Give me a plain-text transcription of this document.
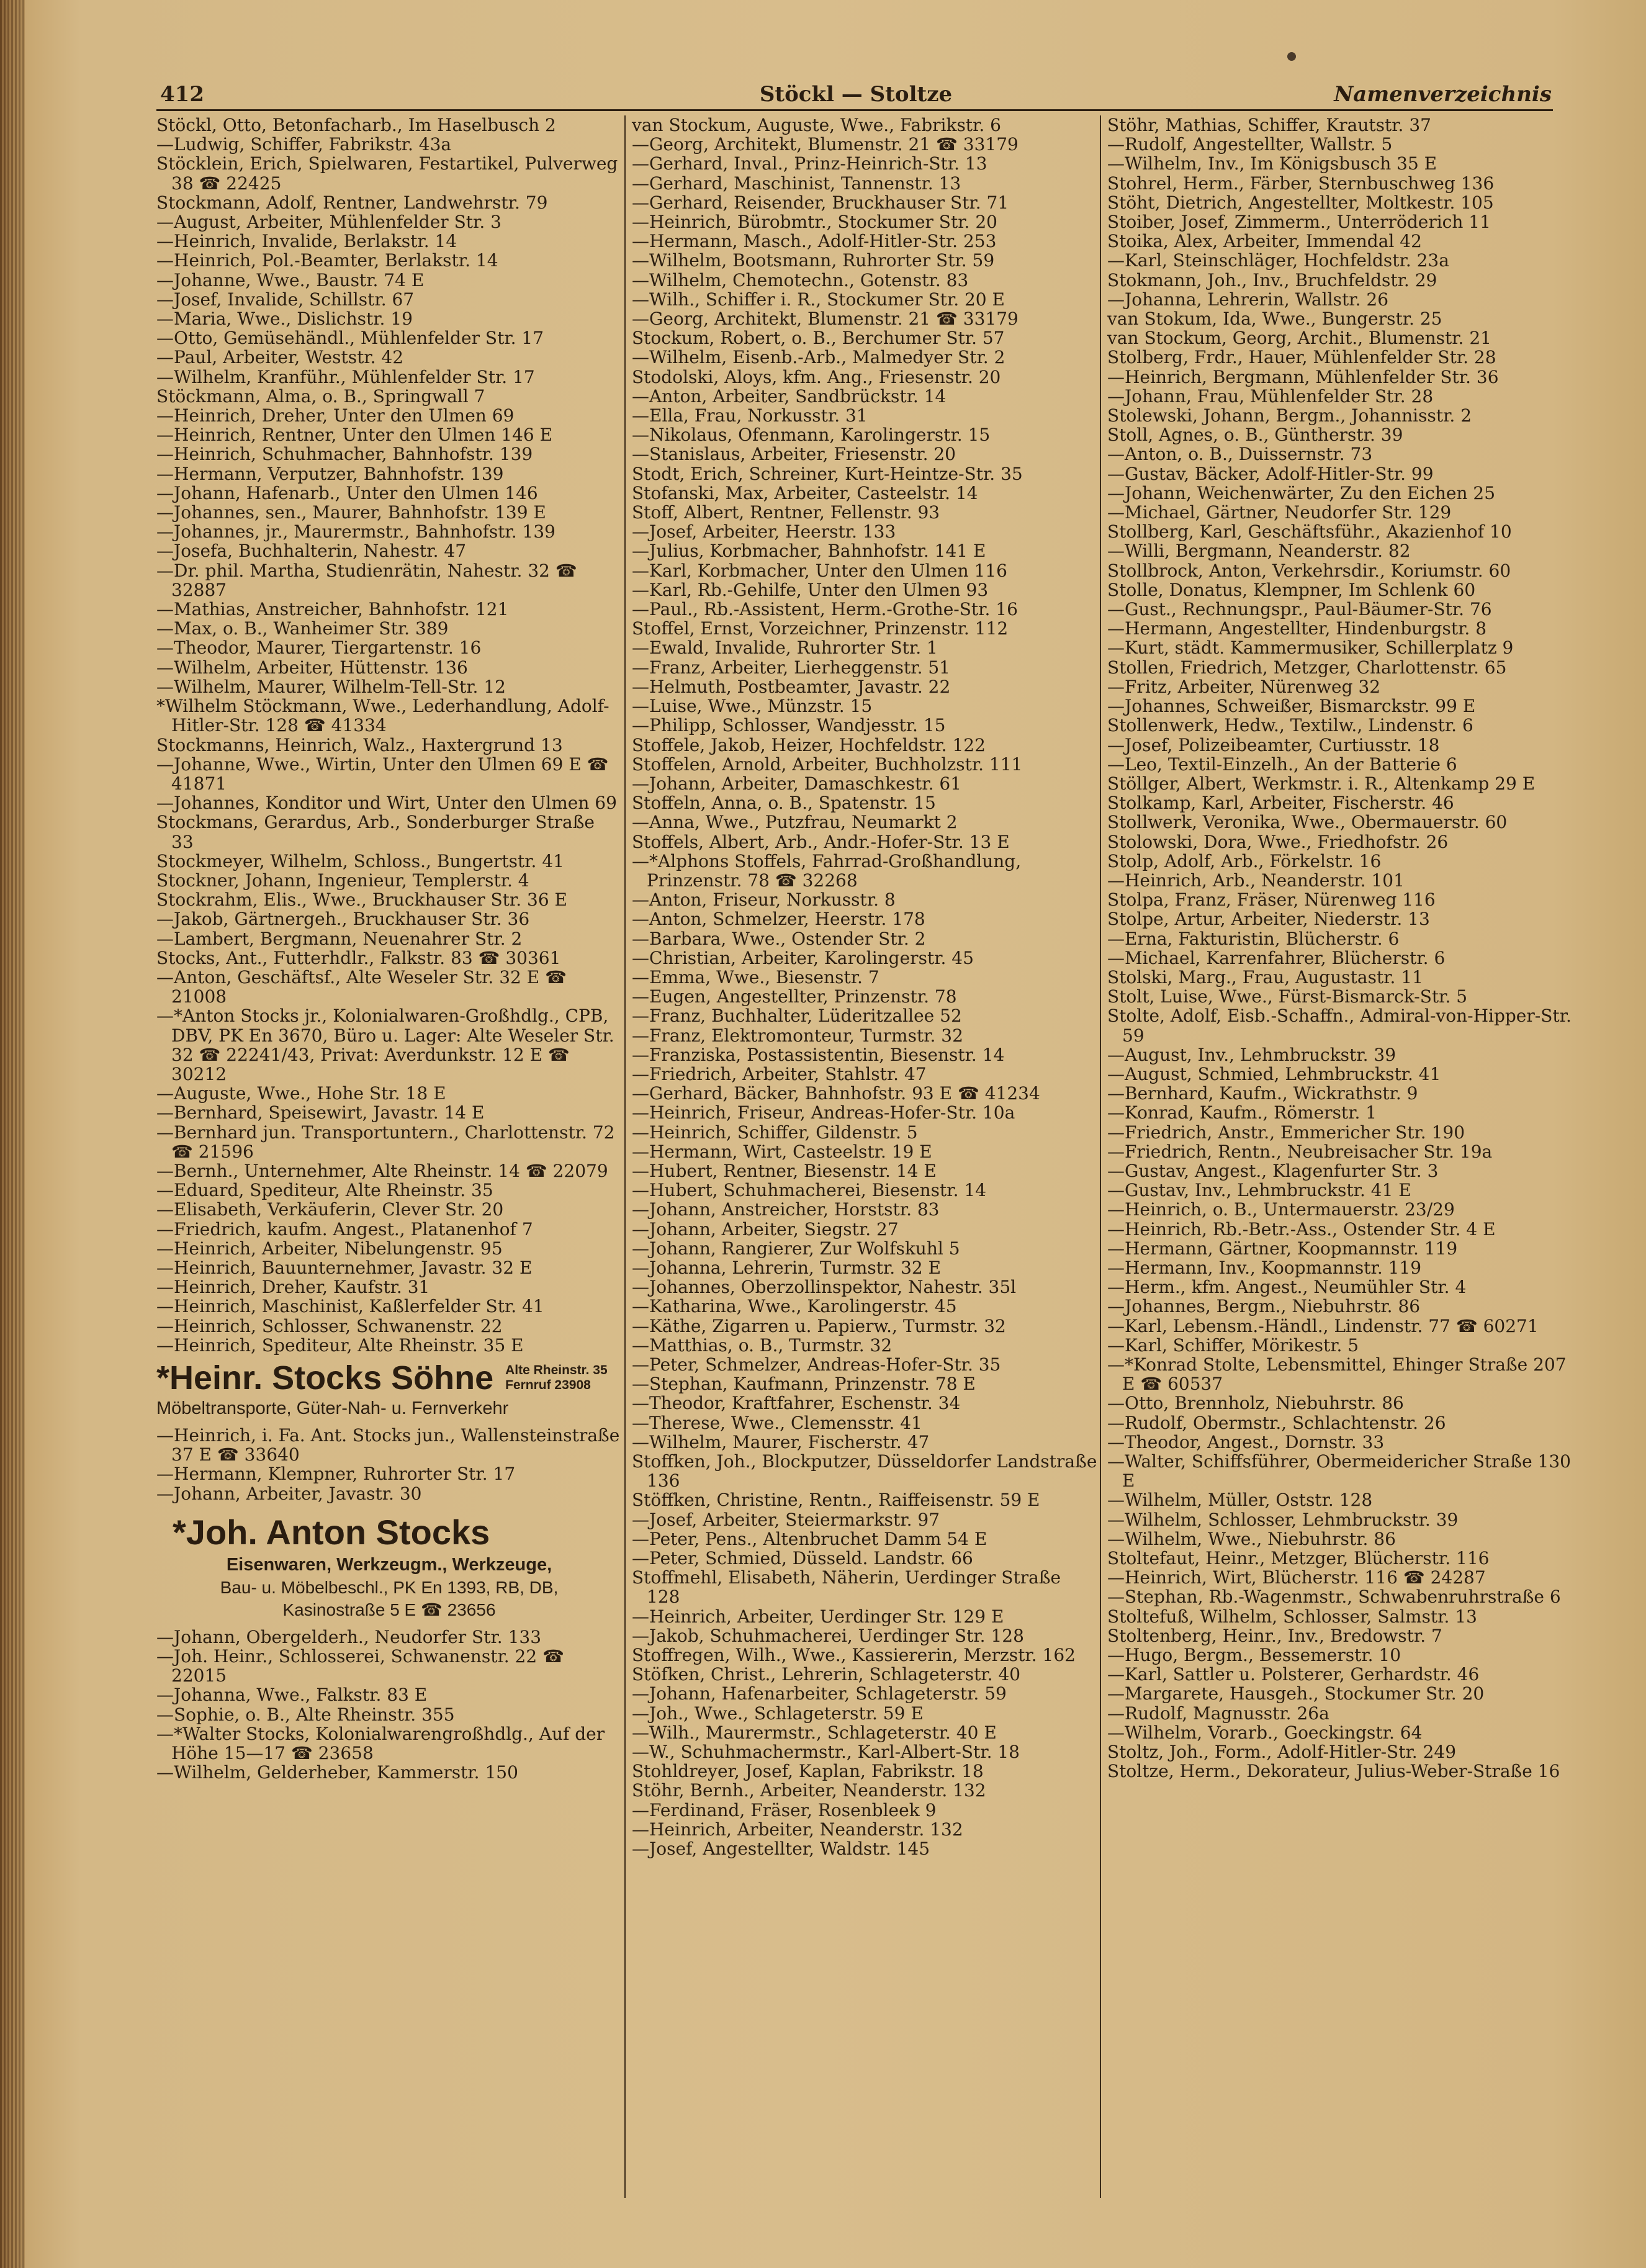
412	Stöckl — Stoltze	Namenverzeichnis
Stöckl, Otto, Betonfacharb., Im Haselbusch 2
—Ludwig, Schiffer, Fabrikstr. 43a
Stöcklein, Erich, Spielwaren, Festartikel, Pulverweg 38 ☎ 22425
Stockmann, Adolf, Rentner, Landwehrstr. 79
—August, Arbeiter, Mühlenfelder Str. 3
—Heinrich, Invalide, Berlakstr. 14
—Heinrich, Pol.-Beamter, Berlakstr. 14
—Johanne, Wwe., Baustr. 74 E
—Josef, Invalide, Schillstr. 67
—Maria, Wwe., Dislichstr. 19
—Otto, Gemüsehändl., Mühlenfelder Str. 17
—Paul, Arbeiter, Weststr. 42
—Wilhelm, Kranführ., Mühlenfelder Str. 17
Stöckmann, Alma, o. B., Springwall 7
—Heinrich, Dreher, Unter den Ulmen 69
—Heinrich, Rentner, Unter den Ulmen 146 E
—Heinrich, Schuhmacher, Bahnhofstr. 139
—Hermann, Verputzer, Bahnhofstr. 139
—Johann, Hafenarb., Unter den Ulmen 146
—Johannes, sen., Maurer, Bahnhofstr. 139 E
—Johannes, jr., Maurermstr., Bahnhofstr. 139
—Josefa, Buchhalterin, Nahestr. 47
—Dr. phil. Martha, Studienrätin, Nahestr. 32 ☎ 32887
—Mathias, Anstreicher, Bahnhofstr. 121
—Max, o. B., Wanheimer Str. 389
—Theodor, Maurer, Tiergartenstr. 16
—Wilhelm, Arbeiter, Hüttenstr. 136
—Wilhelm, Maurer, Wilhelm-Tell-Str. 12
*Wilhelm Stöckmann, Wwe., Lederhandlung, Adolf-Hitler-Str. 128 ☎ 41334
Stockmanns, Heinrich, Walz., Haxtergrund 13
—Johanne, Wwe., Wirtin, Unter den Ulmen 69 E ☎ 41871
—Johannes, Konditor und Wirt, Unter den Ulmen 69
Stockmans, Gerardus, Arb., Sonderburger Straße 33
Stockmeyer, Wilhelm, Schloss., Bungertstr. 41
Stockner, Johann, Ingenieur, Templerstr. 4
Stockrahm, Elis., Wwe., Bruckhauser Str. 36 E
—Jakob, Gärtnergeh., Bruckhauser Str. 36
—Lambert, Bergmann, Neuenahrer Str. 2
Stocks, Ant., Futterhdlr., Falkstr. 83 ☎ 30361
—Anton, Geschäftsf., Alte Weseler Str. 32 E ☎ 21008
—*Anton Stocks jr., Kolonialwaren-Großhdlg., CPB, DBV, PK En 3670, Büro u. Lager: Alte Weseler Str. 32 ☎ 22241/43, Privat: Averdunkstr. 12 E ☎ 30212
—Auguste, Wwe., Hohe Str. 18 E
—Bernhard, Speisewirt, Javastr. 14 E
—Bernhard jun. Transportuntern., Charlottenstr. 72 ☎ 21596
—Bernh., Unternehmer, Alte Rheinstr. 14 ☎ 22079
—Eduard, Spediteur, Alte Rheinstr. 35
—Elisabeth, Verkäuferin, Clever Str. 20
—Friedrich, kaufm. Angest., Platanenhof 7
—Heinrich, Arbeiter, Nibelungenstr. 95
—Heinrich, Bauunternehmer, Javastr. 32 E
—Heinrich, Dreher, Kaufstr. 31
—Heinrich, Maschinist, Kaßlerfelder Str. 41
—Heinrich, Schlosser, Schwanenstr. 22
—Heinrich, Spediteur, Alte Rheinstr. 35 E
*Heinr. Stocks Söhne Alte Rheinstr. 35
Fernruf 23908
Möbeltransporte, Güter-Nah- u. Fernverkehr
—Heinrich, i. Fa. Ant. Stocks jun., Wallensteinstraße 37 E ☎ 33640
—Hermann, Klempner, Ruhrorter Str. 17
—Johann, Arbeiter, Javastr. 30
*Joh. Anton Stocks
Eisenwaren, Werkzeugm., Werkzeuge,
Bau- u. Möbelbeschl., PK En 1393, RB, DB,
Kasinostraße 5 E ☎ 23656
—Johann, Obergelderh., Neudorfer Str. 133
—Joh. Heinr., Schlosserei, Schwanenstr. 22 ☎ 22015
—Johanna, Wwe., Falkstr. 83 E
—Sophie, o. B., Alte Rheinstr. 355
—*Walter Stocks, Kolonialwarengroßhdlg., Auf der Höhe 15—17 ☎ 23658
—Wilhelm, Gelderheber, Kammerstr. 150
van Stockum, Auguste, Wwe., Fabrikstr. 6
—Georg, Architekt, Blumenstr. 21 ☎ 33179
—Gerhard, Inval., Prinz-Heinrich-Str. 13
—Gerhard, Maschinist, Tannenstr. 13
—Gerhard, Reisender, Bruckhauser Str. 71
—Heinrich, Bürobmtr., Stockumer Str. 20
—Hermann, Masch., Adolf-Hitler-Str. 253
—Wilhelm, Bootsmann, Ruhrorter Str. 59
—Wilhelm, Chemotechn., Gotenstr. 83
—Wilh., Schiffer i. R., Stockumer Str. 20 E
—Georg, Architekt, Blumenstr. 21 ☎ 33179
Stockum, Robert, o. B., Berchumer Str. 57
—Wilhelm, Eisenb.-Arb., Malmedyer Str. 2
Stodolski, Aloys, kfm. Ang., Friesenstr. 20
—Anton, Arbeiter, Sandbrückstr. 14
—Ella, Frau, Norkusstr. 31
—Nikolaus, Ofenmann, Karolingerstr. 15
—Stanislaus, Arbeiter, Friesenstr. 20
Stodt, Erich, Schreiner, Kurt-Heintze-Str. 35
Stofanski, Max, Arbeiter, Casteelstr. 14
Stoff, Albert, Rentner, Fellenstr. 93
—Josef, Arbeiter, Heerstr. 133
—Julius, Korbmacher, Bahnhofstr. 141 E
—Karl, Korbmacher, Unter den Ulmen 116
—Karl, Rb.-Gehilfe, Unter den Ulmen 93
—Paul., Rb.-Assistent, Herm.-Grothe-Str. 16
Stoffel, Ernst, Vorzeichner, Prinzenstr. 112
—Ewald, Invalide, Ruhrorter Str. 1
—Franz, Arbeiter, Lierheggenstr. 51
—Helmuth, Postbeamter, Javastr. 22
—Luise, Wwe., Münzstr. 15
—Philipp, Schlosser, Wandjesstr. 15
Stoffele, Jakob, Heizer, Hochfeldstr. 122
Stoffelen, Arnold, Arbeiter, Buchholzstr. 111
—Johann, Arbeiter, Damaschkestr. 61
Stoffeln, Anna, o. B., Spatenstr. 15
—Anna, Wwe., Putzfrau, Neumarkt 2
Stoffels, Albert, Arb., Andr.-Hofer-Str. 13 E
—*Alphons Stoffels, Fahrrad-Großhandlung, Prinzenstr. 78 ☎ 32268
—Anton, Friseur, Norkusstr. 8
—Anton, Schmelzer, Heerstr. 178
—Barbara, Wwe., Ostender Str. 2
—Christian, Arbeiter, Karolingerstr. 45
—Emma, Wwe., Biesenstr. 7
—Eugen, Angestellter, Prinzenstr. 78
—Franz, Buchhalter, Lüderitzallee 52
—Franz, Elektromonteur, Turmstr. 32
—Franziska, Postassistentin, Biesenstr. 14
—Friedrich, Arbeiter, Stahlstr. 47
—Gerhard, Bäcker, Bahnhofstr. 93 E ☎ 41234
—Heinrich, Friseur, Andreas-Hofer-Str. 10a
—Heinrich, Schiffer, Gildenstr. 5
—Hermann, Wirt, Casteelstr. 19 E
—Hubert, Rentner, Biesenstr. 14 E
—Hubert, Schuhmacherei, Biesenstr. 14
—Johann, Anstreicher, Horststr. 83
—Johann, Arbeiter, Siegstr. 27
—Johann, Rangierer, Zur Wolfskuhl 5
—Johanna, Lehrerin, Turmstr. 32 E
—Johannes, Oberzollinspektor, Nahestr. 35l
—Katharina, Wwe., Karolingerstr. 45
—Käthe, Zigarren u. Papierw., Turmstr. 32
—Matthias, o. B., Turmstr. 32
—Peter, Schmelzer, Andreas-Hofer-Str. 35
—Stephan, Kaufmann, Prinzenstr. 78 E
—Theodor, Kraftfahrer, Eschenstr. 34
—Therese, Wwe., Clemensstr. 41
—Wilhelm, Maurer, Fischerstr. 47
Stoffken, Joh., Blockputzer, Düsseldorfer Landstraße 136
Stöffken, Christine, Rentn., Raiffeisenstr. 59 E
—Josef, Arbeiter, Steiermarkstr. 97
—Peter, Pens., Altenbruchet Damm 54 E
—Peter, Schmied, Düsseld. Landstr. 66
Stoffmehl, Elisabeth, Näherin, Uerdinger Straße 128
—Heinrich, Arbeiter, Uerdinger Str. 129 E
—Jakob, Schuhmacherei, Uerdinger Str. 128
Stoffregen, Wilh., Wwe., Kassiererin, Merzstr. 162
Stöfken, Christ., Lehrerin, Schlageterstr. 40
—Johann, Hafenarbeiter, Schlageterstr. 59
—Joh., Wwe., Schlageterstr. 59 E
—Wilh., Maurermstr., Schlageterstr. 40 E
—W., Schuhmachermstr., Karl-Albert-Str. 18
Stohldreyer, Josef, Kaplan, Fabrikstr. 18
Stöhr, Bernh., Arbeiter, Neanderstr. 132
—Ferdinand, Fräser, Rosenbleek 9
—Heinrich, Arbeiter, Neanderstr. 132
—Josef, Angestellter, Waldstr. 145
Stöhr, Mathias, Schiffer, Krautstr. 37
—Rudolf, Angestellter, Wallstr. 5
—Wilhelm, Inv., Im Königsbusch 35 E
Stohrel, Herm., Färber, Sternbuschweg 136
Stöht, Dietrich, Angestellter, Moltkestr. 105
Stoiber, Josef, Zimmerm., Unterröderich 11
Stoika, Alex, Arbeiter, Immendal 42
—Karl, Steinschläger, Hochfeldstr. 23a
Stokmann, Joh., Inv., Bruchfeldstr. 29
—Johanna, Lehrerin, Wallstr. 26
van Stokum, Ida, Wwe., Bungerstr. 25
van Stockum, Georg, Archit., Blumenstr. 21
Stolberg, Frdr., Hauer, Mühlenfelder Str. 28
—Heinrich, Bergmann, Mühlenfelder Str. 36
—Johann, Frau, Mühlenfelder Str. 28
Stolewski, Johann, Bergm., Johannisstr. 2
Stoll, Agnes, o. B., Güntherstr. 39
—Anton, o. B., Duissernstr. 73
—Gustav, Bäcker, Adolf-Hitler-Str. 99
—Johann, Weichenwärter, Zu den Eichen 25
—Michael, Gärtner, Neudorfer Str. 129
Stollberg, Karl, Geschäftsführ., Akazienhof 10
—Willi, Bergmann, Neanderstr. 82
Stollbrock, Anton, Verkehrsdir., Koriumstr. 60
Stolle, Donatus, Klempner, Im Schlenk 60
—Gust., Rechnungspr., Paul-Bäumer-Str. 76
—Hermann, Angestellter, Hindenburgstr. 8
—Kurt, städt. Kammermusiker, Schillerplatz 9
Stollen, Friedrich, Metzger, Charlottenstr. 65
—Fritz, Arbeiter, Nürenweg 32
—Johannes, Schweißer, Bismarckstr. 99 E
Stollenwerk, Hedw., Textilw., Lindenstr. 6
—Josef, Polizeibeamter, Curtiusstr. 18
—Leo, Textil-Einzelh., An der Batterie 6
Stöllger, Albert, Werkmstr. i. R., Altenkamp 29 E
Stolkamp, Karl, Arbeiter, Fischerstr. 46
Stollwerk, Veronika, Wwe., Obermauerstr. 60
Stolowski, Dora, Wwe., Friedhofstr. 26
Stolp, Adolf, Arb., Förkelstr. 16
—Heinrich, Arb., Neanderstr. 101
Stolpa, Franz, Fräser, Nürenweg 116
Stolpe, Artur, Arbeiter, Niederstr. 13
—Erna, Fakturistin, Blücherstr. 6
—Michael, Karrenfahrer, Blücherstr. 6
Stolski, Marg., Frau, Augustastr. 11
Stolt, Luise, Wwe., Fürst-Bismarck-Str. 5
Stolte, Adolf, Eisb.-Schaffn., Admiral-von-Hipper-Str. 59
—August, Inv., Lehmbruckstr. 39
—August, Schmied, Lehmbruckstr. 41
—Bernhard, Kaufm., Wickrathstr. 9
—Konrad, Kaufm., Römerstr. 1
—Friedrich, Anstr., Emmericher Str. 190
—Friedrich, Rentn., Neubreisacher Str. 19a
—Gustav, Angest., Klagenfurter Str. 3
—Gustav, Inv., Lehmbruckstr. 41 E
—Heinrich, o. B., Untermauerstr. 23/29
—Heinrich, Rb.-Betr.-Ass., Ostender Str. 4 E
—Hermann, Gärtner, Koopmannstr. 119
—Hermann, Inv., Koopmannstr. 119
—Herm., kfm. Angest., Neumühler Str. 4
—Johannes, Bergm., Niebuhrstr. 86
—Karl, Lebensm.-Händl., Lindenstr. 77 ☎ 60271
—Karl, Schiffer, Mörikestr. 5
—*Konrad Stolte, Lebensmittel, Ehinger Straße 207 E ☎ 60537
—Otto, Brennholz, Niebuhrstr. 86
—Rudolf, Obermstr., Schlachtenstr. 26
—Theodor, Angest., Dornstr. 33
—Walter, Schiffsführer, Obermeidericher Straße 130 E
—Wilhelm, Müller, Oststr. 128
—Wilhelm, Schlosser, Lehmbruckstr. 39
—Wilhelm, Wwe., Niebuhrstr. 86
Stoltefaut, Heinr., Metzger, Blücherstr. 116
—Heinrich, Wirt, Blücherstr. 116 ☎ 24287
—Stephan, Rb.-Wagenmstr., Schwabenruhrstraße 6
Stoltefuß, Wilhelm, Schlosser, Salmstr. 13
Stoltenberg, Heinr., Inv., Bredowstr. 7
—Hugo, Bergm., Bessemerstr. 10
—Karl, Sattler u. Polsterer, Gerhardstr. 46
—Margarete, Hausgeh., Stockumer Str. 20
—Rudolf, Magnusstr. 26a
—Wilhelm, Vorarb., Goeckingstr. 64
Stoltz, Joh., Form., Adolf-Hitler-Str. 249
Stoltze, Herm., Dekorateur, Julius-Weber-Straße 16
